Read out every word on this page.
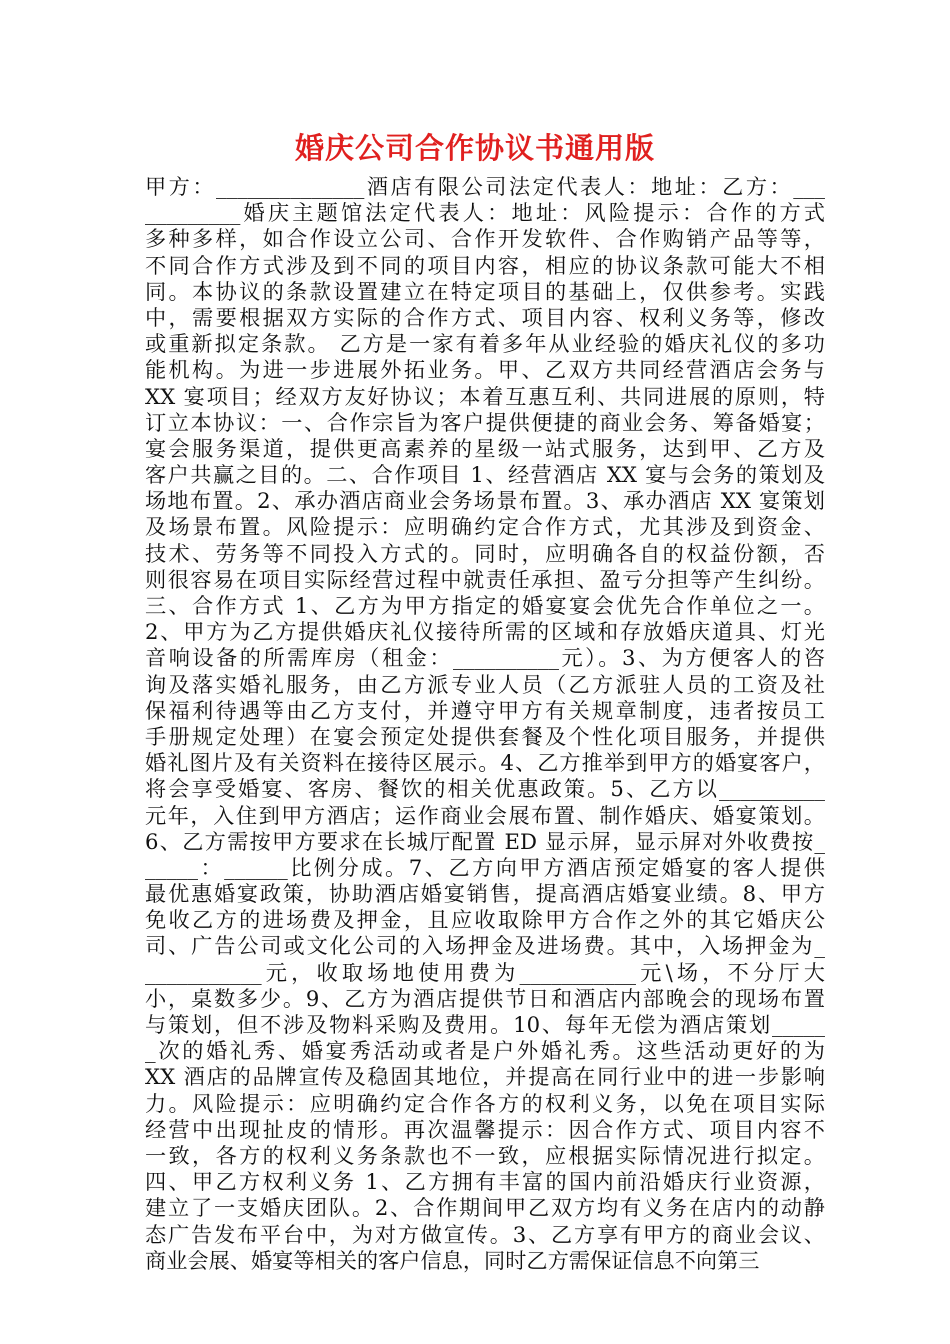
婚庆公司合作协议书通用版
甲方：______________酒店有限公司法定代表人：地址：乙方：___
_________婚庆主题馆法定代表人：地址：风险提示：合作的方式
多种多样，如合作设立公司、合作开发软件、合作购销产品等等，
不同合作方式涉及到不同的项目内容，相应的协议条款可能大不相
同。本协议的条款设置建立在特定项目的基础上，仅供参考。实践
中，需要根据双方实际的合作方式、项目内容、权利义务等，修改
或重新拟定条款。 乙方是一家有着多年从业经验的婚庆礼仪的多功
能机构。为进一步进展外拓业务。甲、乙双方共同经营酒店会务与
XX 宴项目；经双方友好协议；本着互惠互利、共同进展的原则，特
订立本协议：一、合作宗旨为客户提供便捷的商业会务、筹备婚宴；
宴会服务渠道，提供更高素养的星级一站式服务，达到甲、乙方及
客户共赢之目的。二、合作项目 1、经营酒店 XX 宴与会务的策划及
场地布置。2、承办酒店商业会务场景布置。3、承办酒店 XX 宴策划
及场景布置。风险提示：应明确约定合作方式，尤其涉及到资金、
技术、劳务等不同投入方式的。同时，应明确各自的权益份额，否
则很容易在项目实际经营过程中就责任承担、盈亏分担等产生纠纷。
三、合作方式 1、乙方为甲方指定的婚宴宴会优先合作单位之一。
2、甲方为乙方提供婚庆礼仪接待所需的区域和存放婚庆道具、灯光
音响设备的所需库房（租金：__________元）。3、为方便客人的咨
询及落实婚礼服务，由乙方派专业人员（乙方派驻人员的工资及社
保福利待遇等由乙方支付，并遵守甲方有关规章制度，违者按员工
手册规定处理）在宴会预定处提供套餐及个性化项目服务，并提供
婚礼图片及有关资料在接待区展示。4、乙方推举到甲方的婚宴客户，
将会享受婚宴、客房、餐饮的相关优惠政策。5、乙方以__________
元年，入住到甲方酒店；运作商业会展布置、制作婚庆、婚宴策划。
6、乙方需按甲方要求在长城厅配置 ED 显示屏，显示屏对外收费按_
_____：______比例分成。7、乙方向甲方酒店预定婚宴的客人提供
最优惠婚宴政策，协助酒店婚宴销售，提高酒店婚宴业绩。8、甲方
免收乙方的进场费及押金，且应收取除甲方合作之外的其它婚庆公
司、广告公司或文化公司的入场押金及进场费。其中，入场押金为_
___________元，收取场地使用费为___________元\场，不分厅大
小，桌数多少。9、乙方为酒店提供节日和酒店内部晚会的现场布置
与策划，但不涉及物料采购及费用。10、每年无偿为酒店策划_____
_次的婚礼秀、婚宴秀活动或者是户外婚礼秀。这些活动更好的为
XX 酒店的品牌宣传及稳固其地位，并提高在同行业中的进一步影响
力。风险提示：应明确约定合作各方的权利义务，以免在项目实际
经营中出现扯皮的情形。再次温馨提示：因合作方式、项目内容不
一致，各方的权利义务条款也不一致，应根据实际情况进行拟定。
四、甲乙方权利义务 1、乙方拥有丰富的国内前沿婚庆行业资源，
建立了一支婚庆团队。2、合作期间甲乙双方均有义务在店内的动静
态广告发布平台中，为对方做宣传。3、乙方享有甲方的商业会议、
商业会展、婚宴等相关的客户信息，同时乙方需保证信息不向第三
